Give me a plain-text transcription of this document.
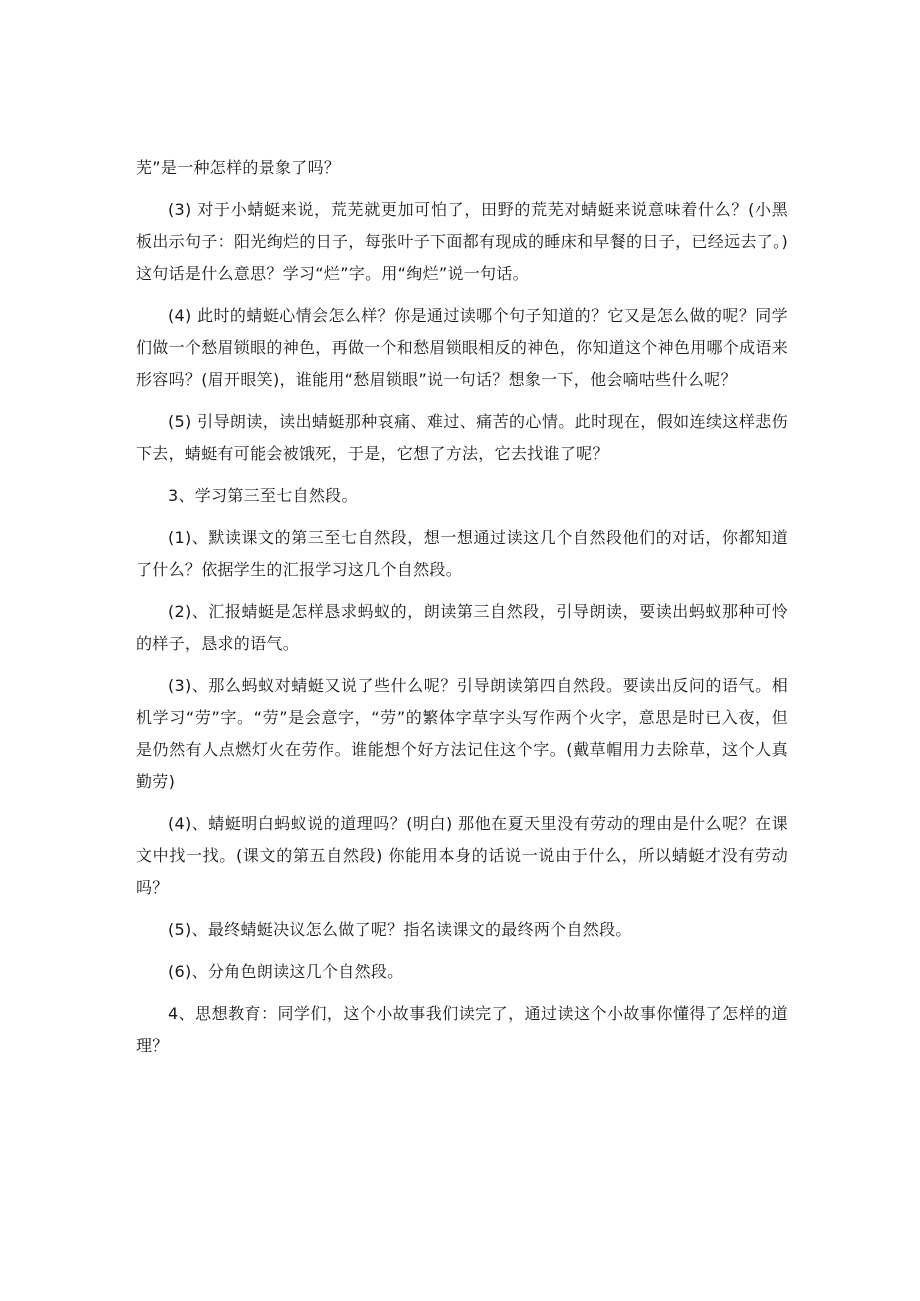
芜”是一种怎样的景象了吗？

(3) 对于小蜻蜓来说，荒芜就更加可怕了，田野的荒芜对蜻蜓来说意味着什么？(小黑板出示句子：阳光绚烂的日子，每张叶子下面都有现成的睡床和早餐的日子，已经远去了。) 这句话是什么意思？学习“烂”字。用“绚烂”说一句话。

(4) 此时的蜻蜓心情会怎么样？你是通过读哪个句子知道的？它又是怎么做的呢？同学们做一个愁眉锁眼的神色，再做一个和愁眉锁眼相反的神色，你知道这个神色用哪个成语来形容吗？(眉开眼笑)，谁能用“愁眉锁眼”说一句话？想象一下，他会嘀咕些什么呢？

(5) 引导朗读，读出蜻蜓那种哀痛、难过、痛苦的心情。此时现在，假如连续这样悲伤下去，蜻蜓有可能会被饿死，于是，它想了方法，它去找谁了呢？

3、学习第三至七自然段。

(1)、默读课文的第三至七自然段，想一想通过读这几个自然段他们的对话，你都知道了什么？依据学生的汇报学习这几个自然段。

(2)、汇报蜻蜓是怎样恳求蚂蚁的，朗读第三自然段，引导朗读，要读出蚂蚁那种可怜的样子，恳求的语气。

(3)、那么蚂蚁对蜻蜓又说了些什么呢？引导朗读第四自然段。要读出反问的语气。相机学习“劳”字。“劳”是会意字，“劳”的繁体字草字头写作两个火字，意思是时已入夜，但是仍然有人点燃灯火在劳作。谁能想个好方法记住这个字。(戴草帽用力去除草，这个人真勤劳)

(4)、蜻蜓明白蚂蚁说的道理吗？(明白) 那他在夏天里没有劳动的理由是什么呢？在课文中找一找。(课文的第五自然段) 你能用本身的话说一说由于什么，所以蜻蜓才没有劳动吗？

(5)、最终蜻蜓决议怎么做了呢？指名读课文的最终两个自然段。

(6)、分角色朗读这几个自然段。

4、思想教育：同学们，这个小故事我们读完了，通过读这个小故事你懂得了怎样的道理？
